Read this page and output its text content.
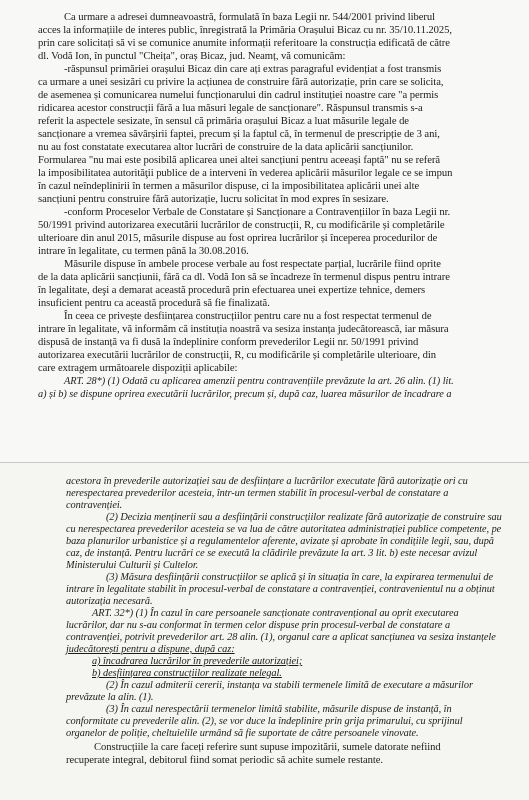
Ca urmare a adresei dumneavoastră, formulată în baza Legii nr. 544/2001 privind liberul
acces la informațiile de interes public, înregistrată la Primăria Orașului Bicaz cu nr. 35/10.11.2025,
prin care solicitați să vi se comunice anumite informații referitoare la construcția edificată de către
dl. Vodă Ion, în punctul "Cheița", oraș Bicaz, jud. Neamț, vă comunicăm:
-răspunsul primăriei orașului Bicaz din care ați extras paragraful evidențiat a fost transmis
ca urmare a unei sesizări cu privire la acțiunea de construire fără autorizație, prin care se solicita,
de asemenea și comunicarea numelui funcționarului din cadrul instituției noastre care "a permis
ridicarea acestor construcții fără a lua măsuri legale de sancționare". Răspunsul transmis s-a
referit la aspectele sesizate, în sensul că primăria orașului Bicaz a luat măsurile legale de
sancționare a vremea săvârșirii faptei, precum și la faptul că, în termenul de prescripție de 3 ani,
nu au fost constatate executarea altor lucrări de construire de la data aplicării sancțiunilor.
Formularea "nu mai este posibilă aplicarea unei altei sancțiuni pentru aceeași faptă" nu se referă
la imposibilitatea autorităţii publice de a interveni în vederea aplicării măsurilor legale ce se impun
în cazul neîndeplinirii în termen a măsurilor dispuse, ci la imposibilitatea aplicării unei alte
sancțiuni pentru construire fără autorizație, lucru solicitat în mod expres în sesizare.
-conform Proceselor Verbale de Constatare și Sancționare a Contravențiilor în baza Legii nr.
50/1991 privind autorizarea executării lucrărilor de construcții, R, cu modificările și completările
ulterioare din anul 2015, măsurile dispuse au fost oprirea lucrărilor și începerea procedurilor de
intrare în legalitate, cu termen până la 30.08.2016.
Măsurile dispuse în ambele procese verbale au fost respectate parțial, lucrările fiind oprite
de la data aplicării sancțiunii, fără ca dl. Vodă Ion să se încadreze în termenul dispus pentru intrare
în legalitate, deşi a demarat această procedură prin efectuarea unei expertize tehnice, demers
insuficient pentru ca această procedură să fie finalizată.
În ceea ce privește desființarea construcțiilor pentru care nu a fost respectat termenul de
intrare în legalitate, vă informăm că instituția noastră va sesiza instanța judecătorească, iar măsura
dispusă de instanță va fi dusă la îndeplinire conform prevederilor Legii nr. 50/1991 privind
autorizarea executării lucrărilor de construcții, R, cu modificările și completările ulterioare, din
care extragem următoarele dispoziții aplicabile:
ART. 28*) (1) Odată cu aplicarea amenzii pentru contravențiile prevăzute la art. 26 alin. (1) lit.
a) și b) se dispune oprirea executării lucrărilor, precum și, după caz, luarea măsurilor de încadrare a
acestora în prevederile autorizației sau de desființare a lucrărilor executate fără autorizație ori cu
nerespectarea prevederilor acesteia, într-un termen stabilit în procesul-verbal de constatare a
contravenției.
(2) Decizia menținerii sau a desființării construcțiilor realizate fără autorizație de construire sau
cu nerespectarea prevederilor acesteia se va lua de către autoritatea administrației publice competente, pe
baza planurilor urbanistice și a regulamentelor aferente, avizate și aprobate în condițiile legii, sau, după
caz, de instanță. Pentru lucrări ce se execută la clădirile prevăzute la art. 3 lit. b) este necesar avizul
Ministerului Culturii și Cultelor.
(3) Măsura desființării construcțiilor se aplică și în situația în care, la expirarea termenului de
intrare în legalitate stabilit în procesul-verbal de constatare a contravenției, contravenientul nu a obținut
autorizația necesară.
ART. 32*) (1) În cazul în care persoanele sancționate contravențional au oprit executarea
lucrărilor, dar nu s-au conformat în termen celor dispuse prin procesul-verbal de constatare a
contravenției, potrivit prevederilor art. 28 alin. (1), organul care a aplicat sancțiunea va sesiza instanțele
judecătorești pentru a dispune, după caz:
a) încadrarea lucrărilor în prevederile autorizației;
b) desființarea construcțiilor realizate nelegal.
(2) În cazul admiterii cererii, instanța va stabili termenele limită de executare a măsurilor
prevăzute la alin. (1).
(3) În cazul nerespectării termenelor limită stabilite, măsurile dispuse de instanță, în
conformitate cu prevederile alin. (2), se vor duce la îndeplinire prin grija primarului, cu sprijinul
organelor de poliție, cheltuielile urmând să fie suportate de către persoanele vinovate.
Construcțiile la care faceți referire sunt supuse impozitării, sumele datorate nefiind
recuperate integral, debitorul fiind somat periodic să achite sumele restante.
